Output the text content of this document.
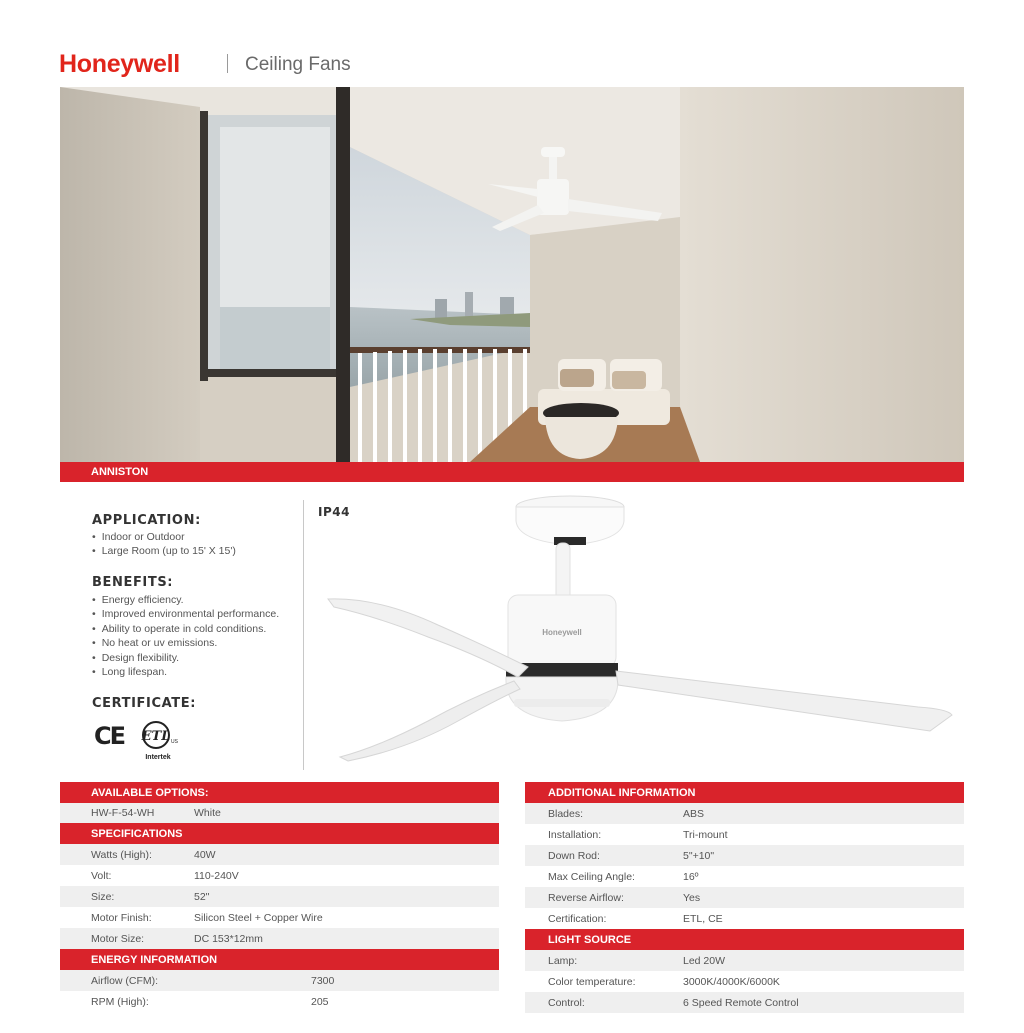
Honeywell	Ceiling Fans
ANNISTON
APPLICATION:
• Indoor or Outdoor
• Large Room (up to 15' X 15')
BENEFITS:
• Energy efficiency.
• Improved environmental performance.
• Ability to operate in cold conditions.
• No heat or uv emissions.
• Design flexibility.
• Long lifespan.
CERTIFICATE:
CE ETL US
Intertek
IP44
Honeywell
AVAILABLE OPTIONS:
HW-F-54-WH	White
SPECIFICATIONS
Watts (High):	40W
Volt:	110-240V
Size:	52"
Motor Finish:	Silicon Steel + Copper Wire
Motor Size:	DC 153*12mm
ENERGY INFORMATION
Airflow (CFM):	7300
RPM (High):	205
ADDITIONAL INFORMATION
Blades:	ABS
Installation:	Tri-mount
Down Rod:	5"+10"
Max Ceiling Angle:	16º
Reverse Airflow:	Yes
Certification:	ETL, CE
LIGHT SOURCE
Lamp:	Led 20W
Color temperature:	3000K/4000K/6000K
Control:	6 Speed Remote Control
